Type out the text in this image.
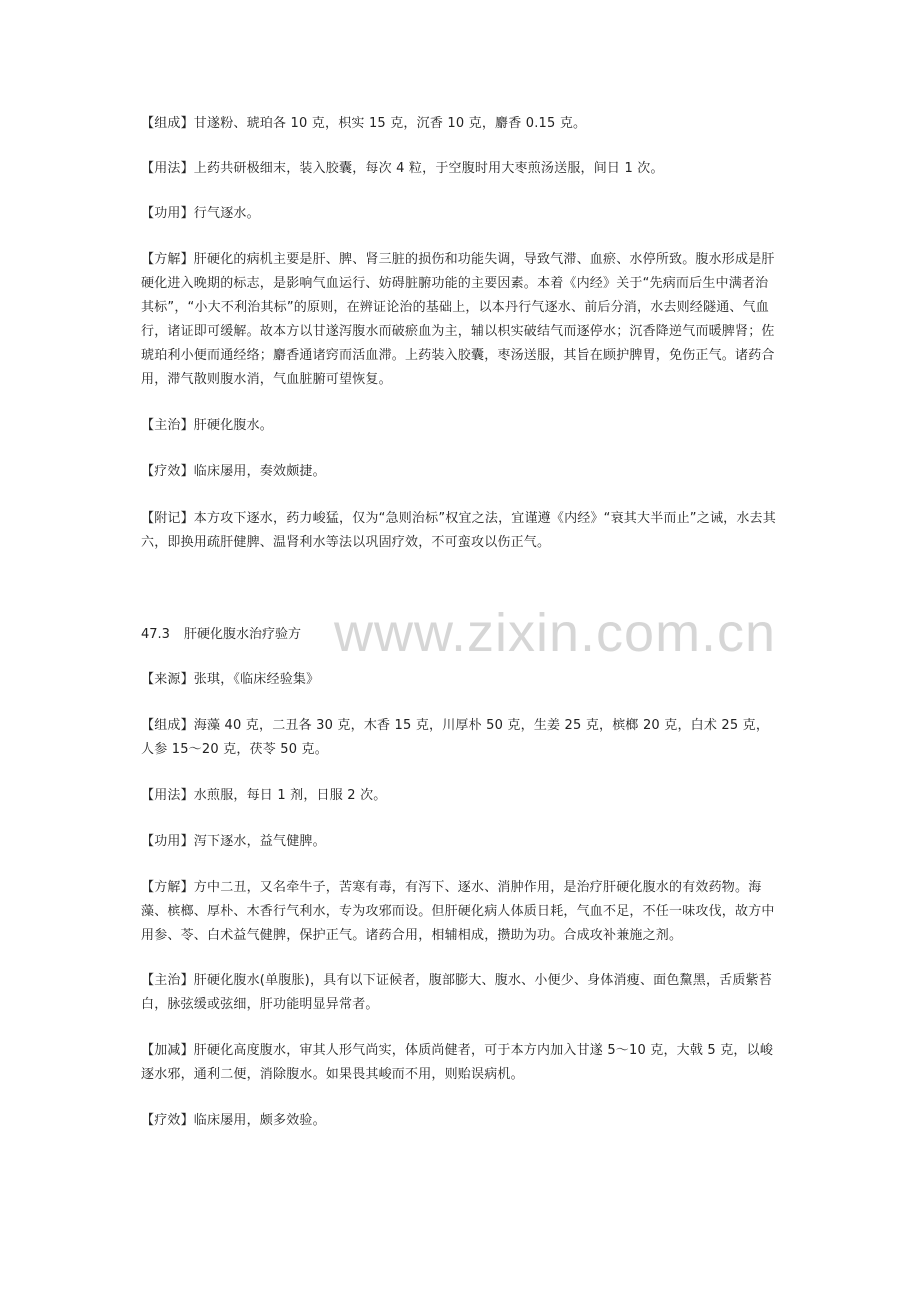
【组成】甘遂粉、琥珀各 10 克，枳实 15 克，沉香 10 克，麝香 0.15 克。

【用法】上药共研极细末，装入胶囊，每次 4 粒，于空腹时用大枣煎汤送服，间日 1 次。

【功用】行气逐水。

【方解】肝硬化的病机主要是肝、脾、肾三脏的损伤和功能失调，导致气滞、血瘀、水停所致。腹水形成是肝硬化进入晚期的标志，是影响气血运行、妨碍脏腑功能的主要因素。本着《内经》关于“先病而后生中满者治其标”，“小大不利治其标”的原则，在辨证论治的基础上，以本丹行气逐水、前后分消，水去则经隧通、气血行，诸证即可缓解。故本方以甘遂泻腹水而破瘀血为主，辅以枳实破结气而逐停水；沉香降逆气而暖脾肾；佐琥珀利小便而通经络；麝香通诸窍而活血滞。上药装入胶囊，枣汤送服，其旨在顾护脾胃，免伤正气。诸药合用，滞气散则腹水消，气血脏腑可望恢复。

【主治】肝硬化腹水。

【疗效】临床屡用，奏效颇捷。

【附记】本方攻下逐水，药力峻猛，仅为“急则治标”权宜之法，宜谨遵《内经》“衰其大半而止”之诫，水去其六，即换用疏肝健脾、温肾利水等法以巩固疗效，不可蛮攻以伤正气。

www.zixin.com.cn

47.3 肝硬化腹水治疗验方

【来源】张琪，《临床经验集》

【组成】海藻 40 克，二丑各 30 克，木香 15 克，川厚朴 50 克，生姜 25 克，槟榔 20 克，白术 25 克，人参 15～20 克，茯苓 50 克。

【用法】水煎服，每日 1 剂，日服 2 次。

【功用】泻下逐水，益气健脾。

【方解】方中二丑，又名牵牛子，苦寒有毒，有泻下、逐水、消肿作用，是治疗肝硬化腹水的有效药物。海藻、槟榔、厚朴、木香行气利水，专为攻邪而设。但肝硬化病人体质日耗，气血不足，不任一味攻伐，故方中用参、苓、白术益气健脾，保护正气。诸药合用，相辅相成，攒助为功。合成攻补兼施之剂。

【主治】肝硬化腹水(单腹胀)，具有以下证候者，腹部膨大、腹水、小便少、身体消瘦、面色黧黑，舌质紫苔白，脉弦缓或弦细，肝功能明显异常者。

【加减】肝硬化高度腹水，审其人形气尚实，体质尚健者，可于本方内加入甘遂 5～10 克，大戟 5 克，以峻逐水邪，通利二便，消除腹水。如果畏其峻而不用，则贻误病机。

【疗效】临床屡用，颇多效验。
